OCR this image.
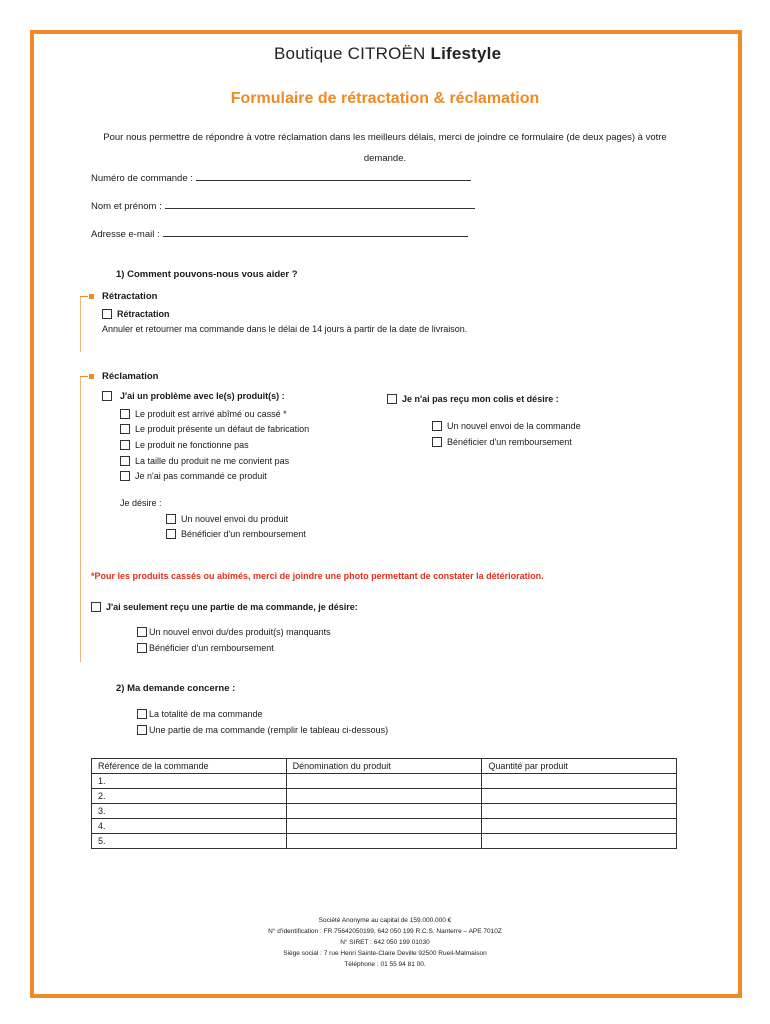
Boutique CITROËN Lifestyle
Formulaire de rétractation & réclamation
Pour nous permettre de répondre à votre réclamation dans les meilleurs délais, merci de joindre ce formulaire (de deux pages) à votre demande.
Numéro de commande :
Nom et prénom :
Adresse e-mail :
1) Comment pouvons-nous vous aider ?
Rétractation
Rétractation
Annuler et retourner ma commande dans le délai de 14 jours à partir de la date de livraison.
Réclamation
J'ai un problème avec le(s) produit(s) :
Le produit est arrivé abîmé ou cassé *
Le produit présente un défaut de fabrication
Le produit ne fonctionne pas
La taille du produit ne me convient pas
Je n'ai pas commandé ce produit
Je désire :
Un nouvel envoi du produit
Bénéficier d'un remboursement
Je n'ai pas reçu mon colis et désire :
Un nouvel envoi de la commande
Bénéficier d'un remboursement
*Pour les produits cassés ou abîmés, merci de joindre une photo permettant de constater la détérioration.
J'ai seulement reçu une partie de ma commande, je désire:
Un nouvel envoi du/des produit(s) manquants
Bénéficier d'un remboursement
2) Ma demande concerne :
La totalité de ma commande
Une partie de ma commande (remplir le tableau ci-dessous)
Référence de la commande	Dénomination du produit	Quantité par produit
1.		
2.		
3.		
4.		
5.		
Société Anonyme au capital de 159.000.000 €
N° d'identification : FR 75642050199, 642 050 199 R.C.S. Nanterre – APE 7010Z
N° SIRET : 642 050 199 01030
Siège social : 7 rue Henri Sainte-Claire Deville 92500 Rueil-Malmaison
Téléphone : 01 55 94 81 00.
